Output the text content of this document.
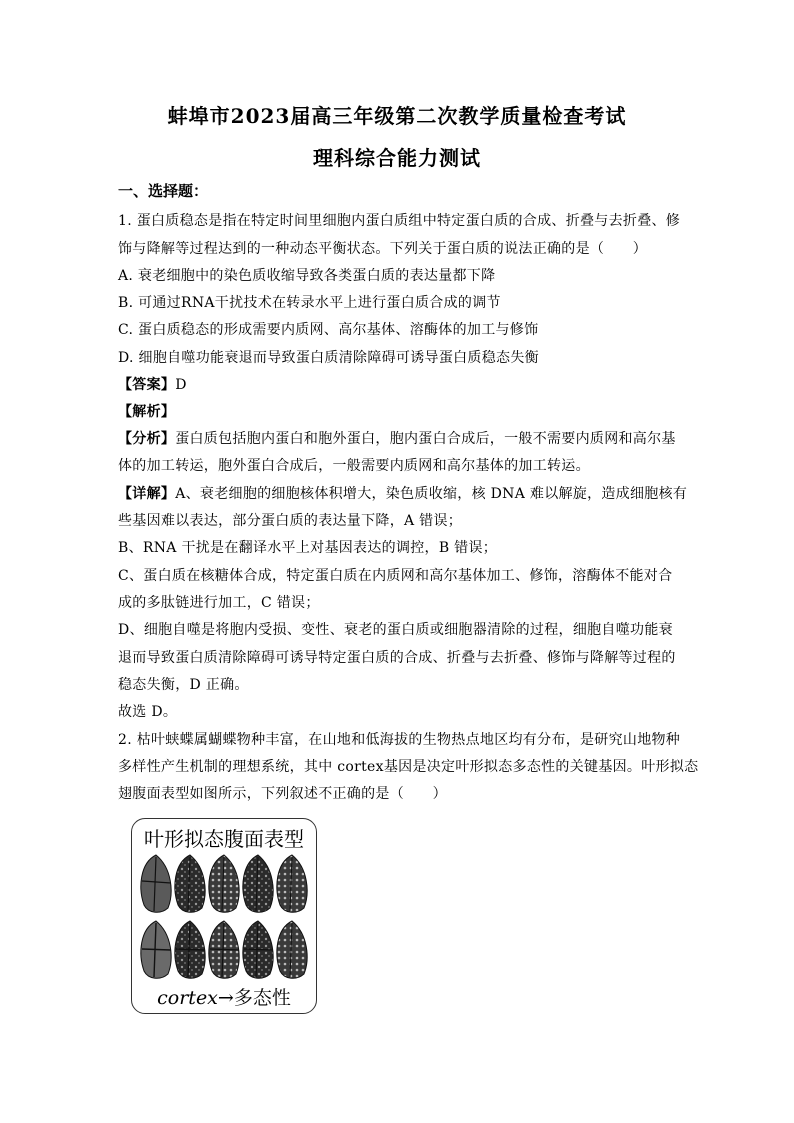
蚌埠市2023届高三年级第二次教学质量检查考试
理科综合能力测试
一、选择题：
1. 蛋白质稳态是指在特定时间里细胞内蛋白质组中特定蛋白质的合成、折叠与去折叠、修
饰与降解等过程达到的一种动态平衡状态。下列关于蛋白质的说法正确的是（　　）
A. 衰老细胞中的染色质收缩导致各类蛋白质的表达量都下降
B. 可通过RNA干扰技术在转录水平上进行蛋白质合成的调节
C. 蛋白质稳态的形成需要内质网、高尔基体、溶酶体的加工与修饰
D. 细胞自噬功能衰退而导致蛋白质清除障碍可诱导蛋白质稳态失衡
【答案】D
【解析】
【分析】蛋白质包括胞内蛋白和胞外蛋白，胞内蛋白合成后，一般不需要内质网和高尔基
体的加工转运，胞外蛋白合成后，一般需要内质网和高尔基体的加工转运。
【详解】A、衰老细胞的细胞核体积增大，染色质收缩，核 DNA 难以解旋，造成细胞核有
些基因难以表达，部分蛋白质的表达量下降，A 错误；
B、RNA 干扰是在翻译水平上对基因表达的调控，B 错误；
C、蛋白质在核糖体合成，特定蛋白质在内质网和高尔基体加工、修饰，溶酶体不能对合
成的多肽链进行加工，C 错误；
D、细胞自噬是将胞内受损、变性、衰老的蛋白质或细胞器清除的过程，细胞自噬功能衰
退而导致蛋白质清除障碍可诱导特定蛋白质的合成、折叠与去折叠、修饰与降解等过程的
稳态失衡，D 正确。
故选 D。
2. 枯叶蛱蝶属蝴蝶物种丰富，在山地和低海拔的生物热点地区均有分布，是研究山地物种
多样性产生机制的理想系统，其中 cortex基因是决定叶形拟态多态性的关键基因。叶形拟态
翅腹面表型如图所示，下列叙述不正确的是（　　）
叶形拟态腹面表型
cortex→多态性
